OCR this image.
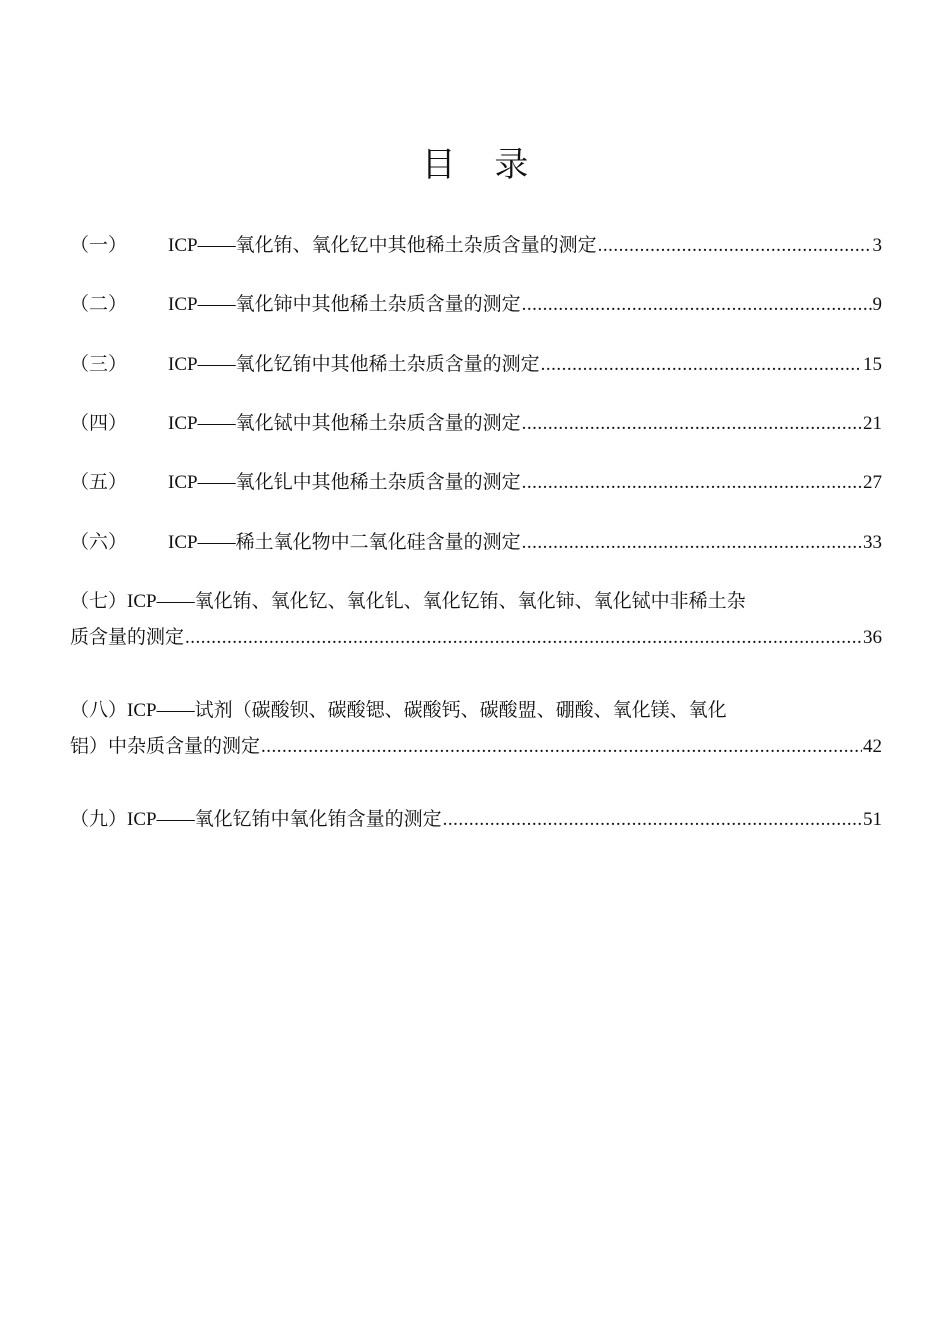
目 录
（一）	ICP——氧化铕、氧化钇中其他稀土杂质含量的测定 .....	3
（二）	ICP——氧化铈中其他稀土杂质含量的测定 .....	9
（三）	ICP——氧化钇铕中其他稀土杂质含量的测定 .....	15
（四）	ICP——氧化铽中其他稀土杂质含量的测定 .....	21
（五）	ICP——氧化钆中其他稀土杂质含量的测定 .....	27
（六）	ICP——稀土氧化物中二氧化硅含量的测定 .....	33
（七） ICP——氧化铕、氧化钇、氧化钆、氧化钇铕、氧化铈、氧化铽中非稀土杂
质含量的测定 .....	36
（八） ICP——试剂（碳酸钡、碳酸锶、碳酸钙、碳酸盟、硼酸、氧化镁、氧化
铝）中杂质含量的测定 .....	42
（九） ICP——氧化钇铕中氧化铕含量的测定 .....	51
